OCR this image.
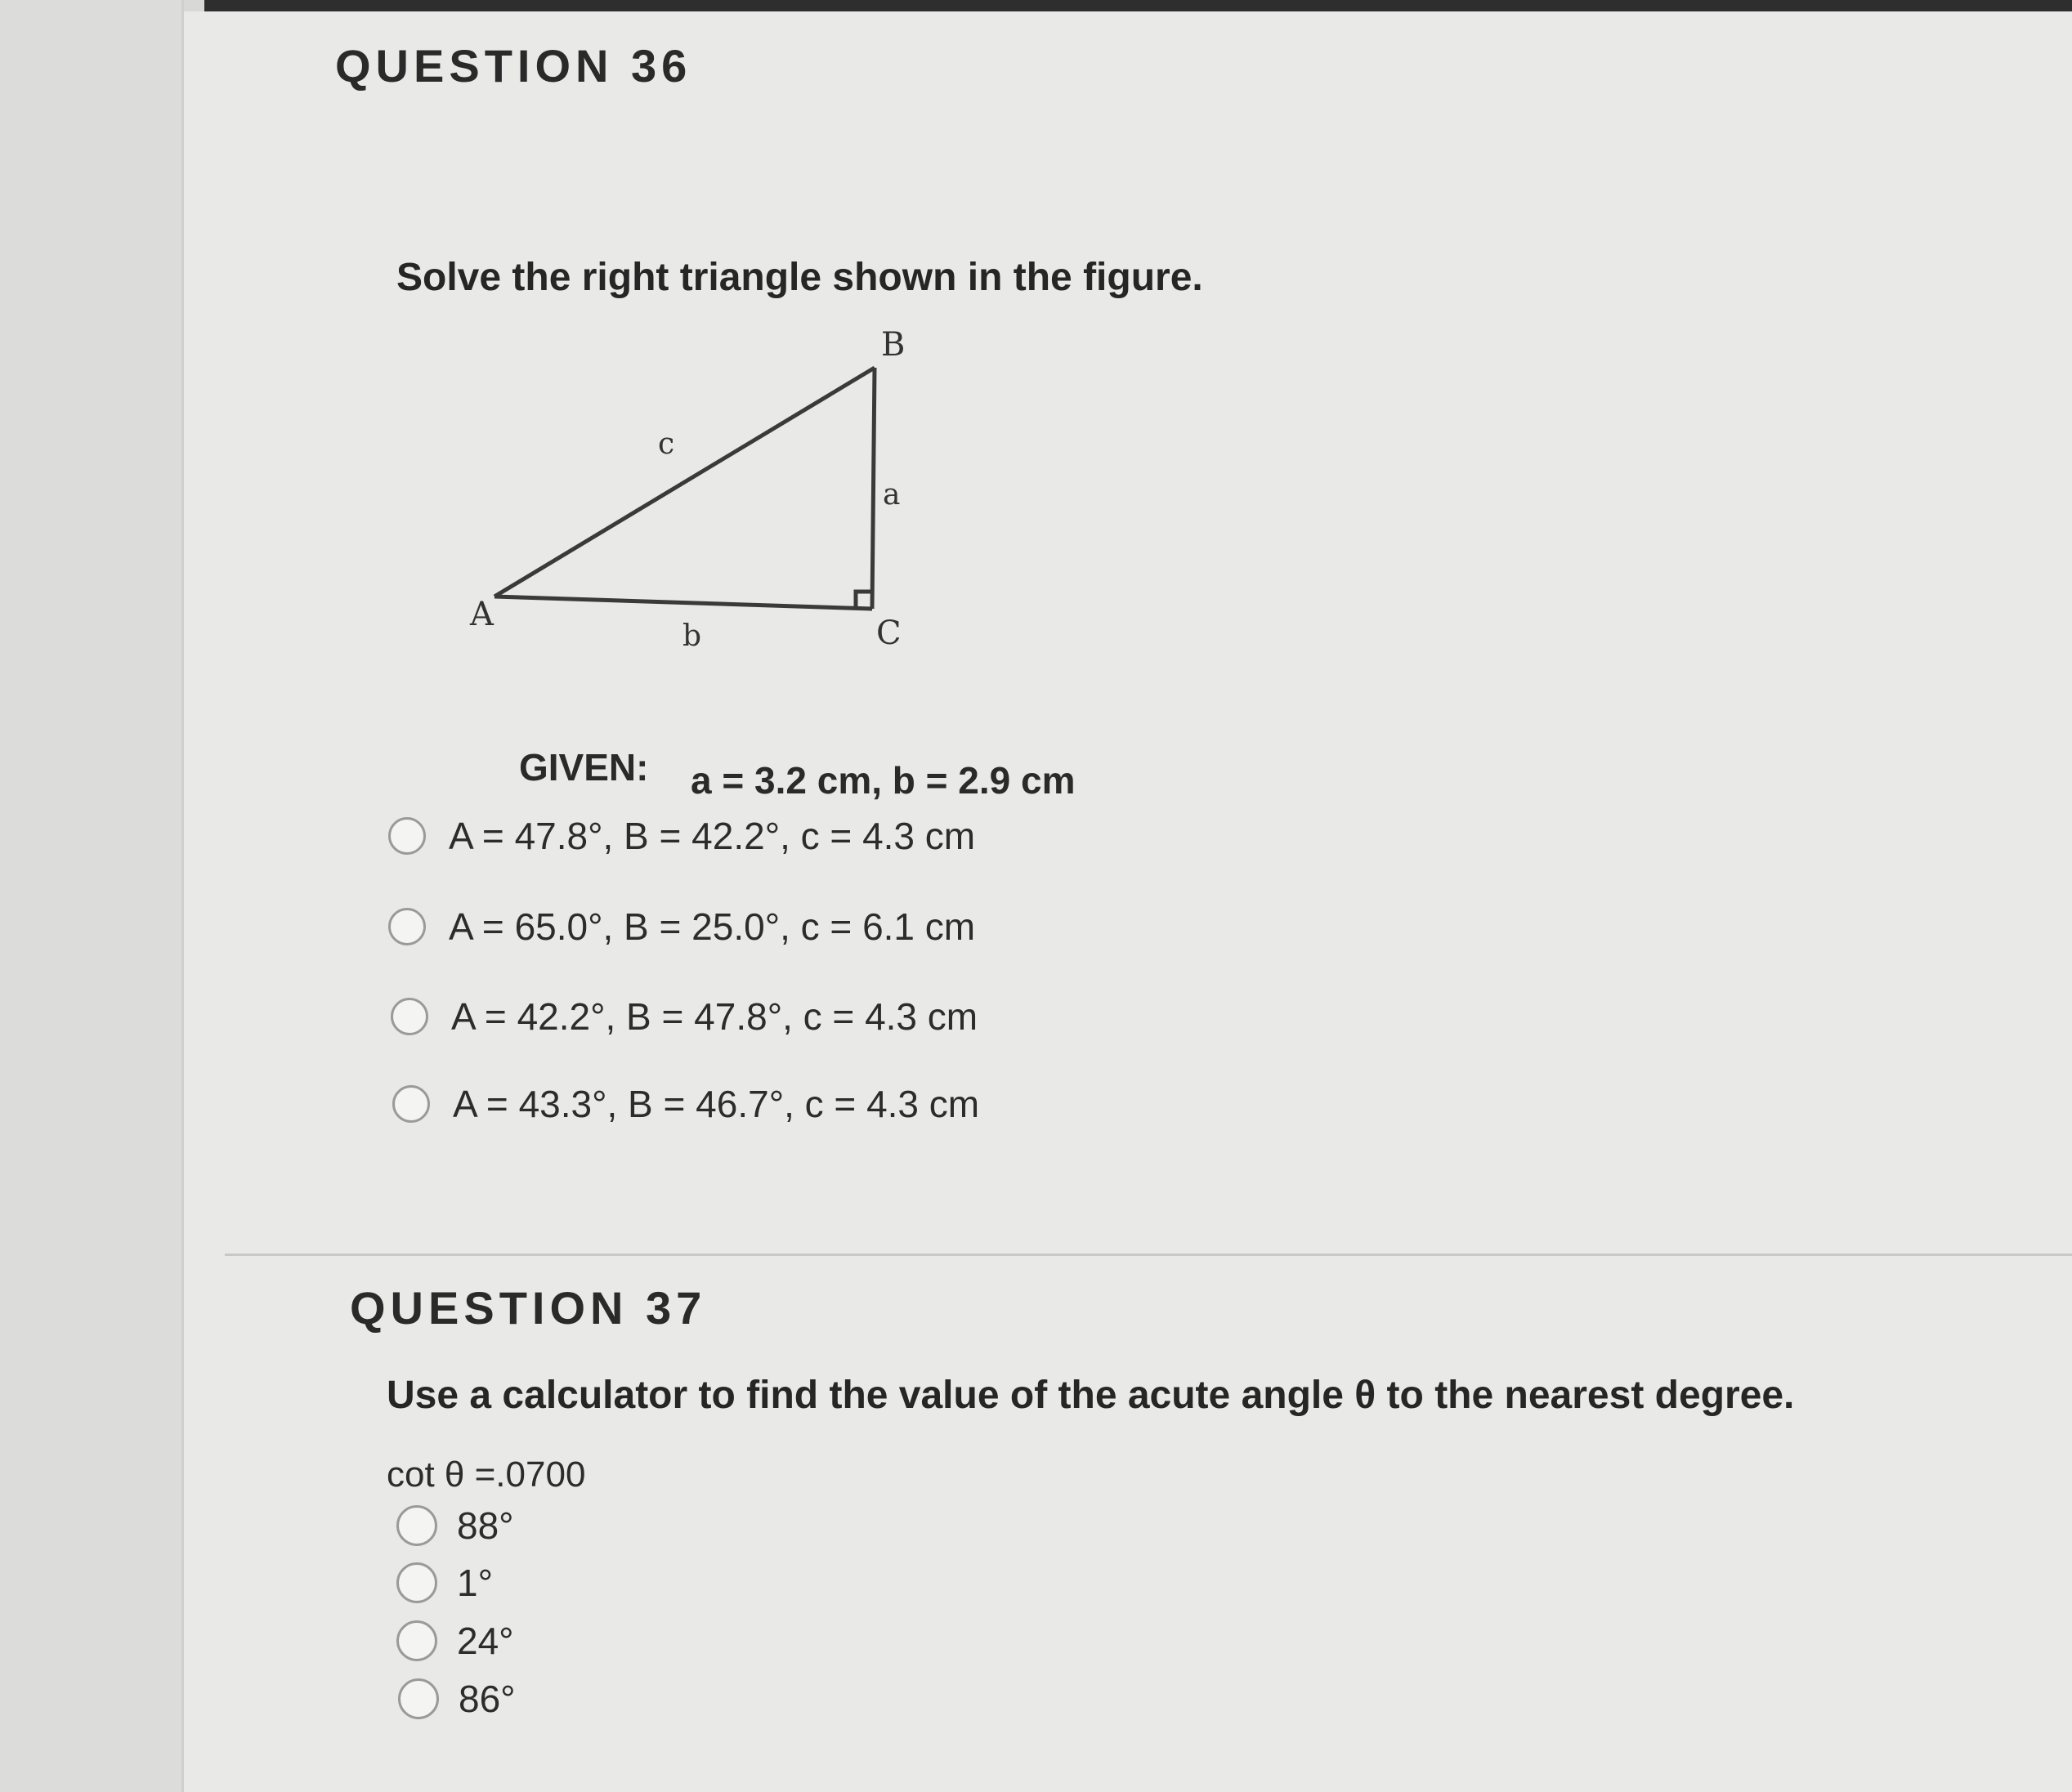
QUESTION 36
Solve the right triangle shown in the figure.
B
A	C
c
a
b
GIVEN: a = 3.2 cm, b = 2.9 cm
A = 47.8°, B = 42.2°, c = 4.3 cm
A = 65.0°, B = 25.0°, c = 6.1 cm
A = 42.2°, B = 47.8°, c = 4.3 cm
A = 43.3°, B = 46.7°, c = 4.3 cm
QUESTION 37
Use a calculator to find the value of the acute angle θ to the nearest degree.
cot θ =.0700
88°
1°
24°
86°
